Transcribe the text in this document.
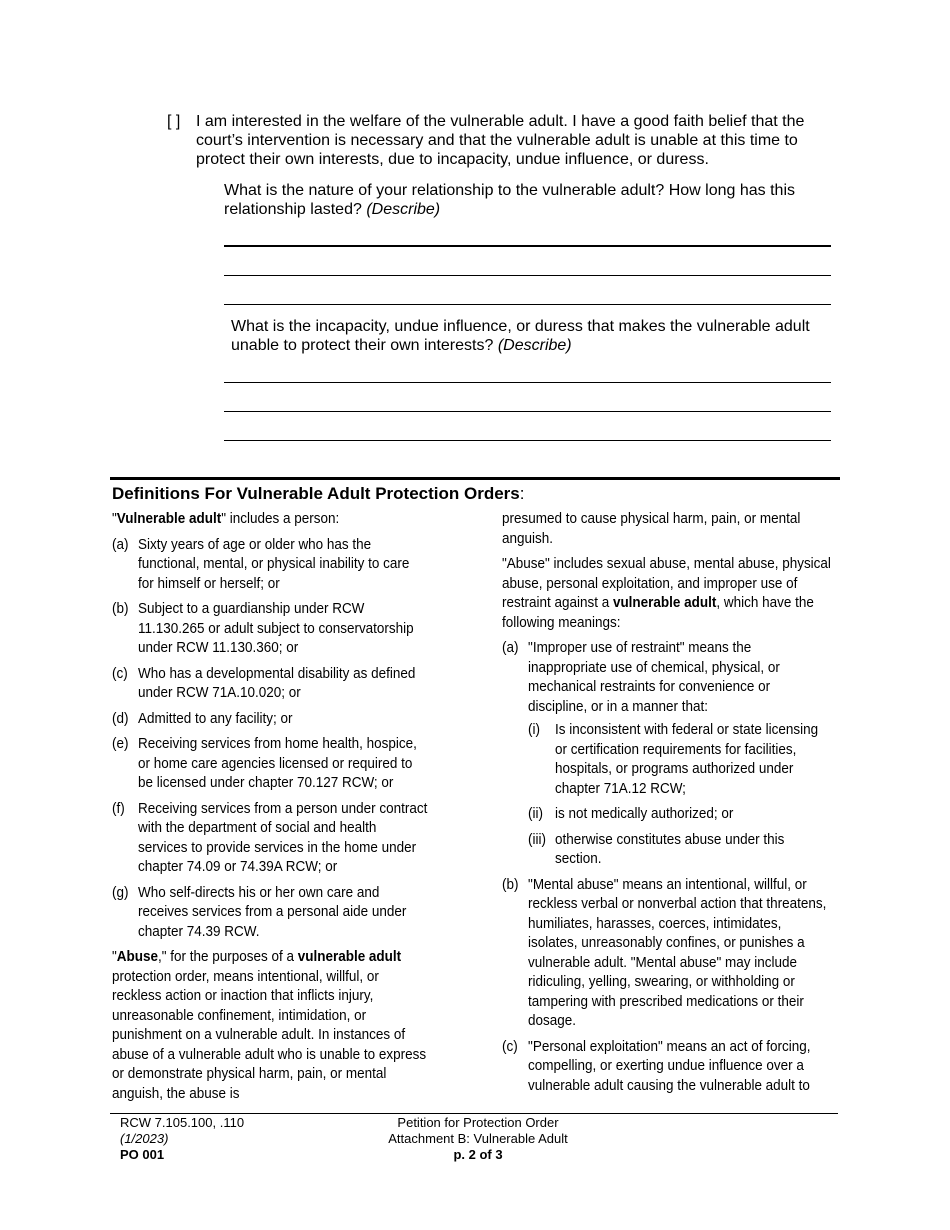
[ ] I am interested in the welfare of the vulnerable adult. I have a good faith belief that the court’s intervention is necessary and that the vulnerable adult is unable at this time to protect their own interests, due to incapacity, undue influence, or duress.
What is the nature of your relationship to the vulnerable adult? How long has this relationship lasted? (Describe)
What is the incapacity, undue influence, or duress that makes the vulnerable adult unable to protect their own interests? (Describe)
Definitions For Vulnerable Adult Protection Orders:

"Vulnerable adult" includes a person:

(a) Sixty years of age or older who has the functional, mental, or physical inability to care for himself or herself; or
(b) Subject to a guardianship under RCW 11.130.265 or adult subject to conservatorship under RCW 11.130.360; or
(c) Who has a developmental disability as defined under RCW 71A.10.020; or
(d) Admitted to any facility; or
(e) Receiving services from home health, hospice, or home care agencies licensed or required to be licensed under chapter 70.127 RCW; or
(f) Receiving services from a person under contract with the department of social and health services to provide services in the home under chapter 74.09 or 74.39A RCW; or
(g) Who self-directs his or her own care and receives services from a personal aide under chapter 74.39 RCW.

"Abuse," for the purposes of a vulnerable adult protection order, means intentional, willful, or reckless action or inaction that inflicts injury, unreasonable confinement, intimidation, or punishment on a vulnerable adult. In instances of abuse of a vulnerable adult who is unable to express or demonstrate physical harm, pain, or mental anguish, the abuse is

presumed to cause physical harm, pain, or mental anguish.

"Abuse" includes sexual abuse, mental abuse, physical abuse, personal exploitation, and improper use of restraint against a vulnerable adult, which have the following meanings:

(a) "Improper use of restraint" means the inappropriate use of chemical, physical, or mechanical restraints for convenience or discipline, or in a manner that:
(i)	Is inconsistent with federal or state licensing or certification requirements for facilities, hospitals, or programs authorized under chapter 71A.12 RCW;
(ii) is not medically authorized; or
(iii) otherwise constitutes abuse under this section.
(b) "Mental abuse" means an intentional, willful, or reckless verbal or nonverbal action that threatens, humiliates, harasses, coerces, intimidates, isolates, unreasonably confines, or punishes a vulnerable adult. "Mental abuse" may include ridiculing, yelling, swearing, or withholding or tampering with prescribed medications or their dosage.
(c) "Personal exploitation" means an act of forcing, compelling, or exerting undue influence over a vulnerable adult causing the vulnerable adult to
RCW 7.105.100, .110
(1/2023)
PO 001
Petition for Protection Order
Attachment B: Vulnerable Adult
p. 2 of 3
